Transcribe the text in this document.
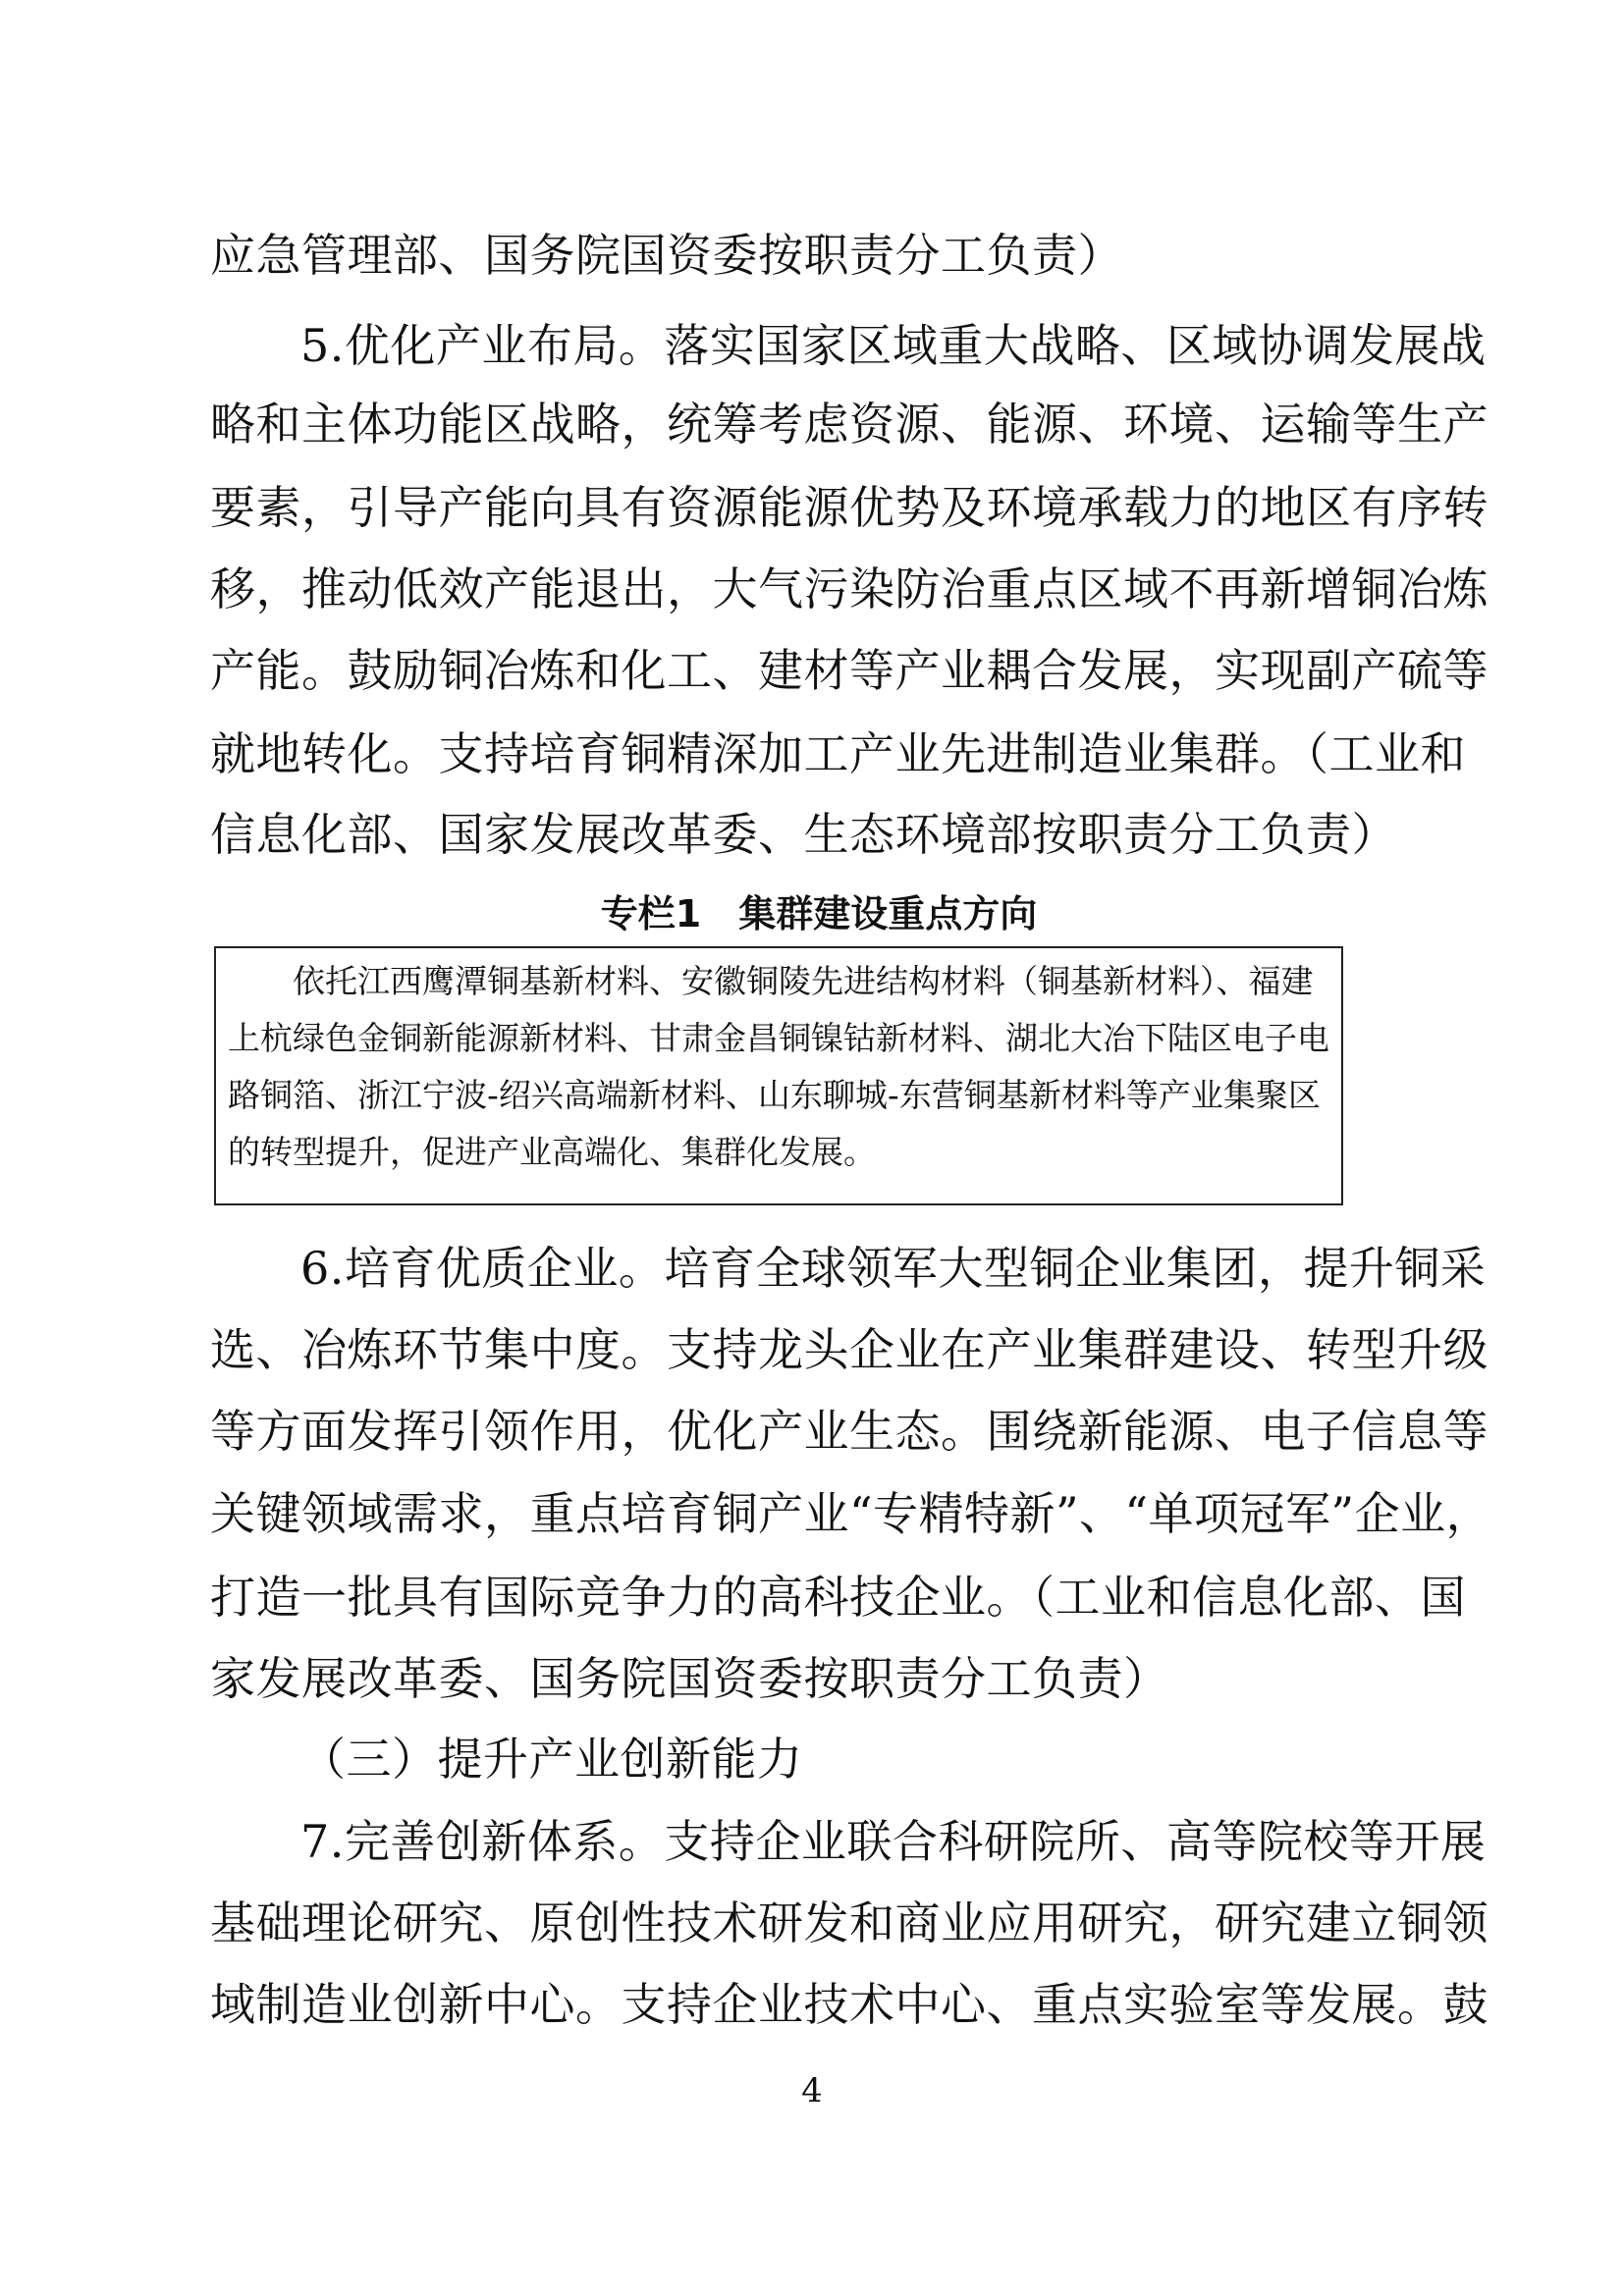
应急管理部、国务院国资委按职责分工负责）
5.优化产业布局。落实国家区域重大战略、区域协调发展战
略和主体功能区战略，统筹考虑资源、能源、环境、运输等生产
要素，引导产能向具有资源能源优势及环境承载力的地区有序转
移，推动低效产能退出，大气污染防治重点区域不再新增铜冶炼
产能。鼓励铜冶炼和化工、建材等产业耦合发展，实现副产硫等
就地转化。支持培育铜精深加工产业先进制造业集群。（工业和
信息化部、国家发展改革委、生态环境部按职责分工负责）
专栏1　集群建设重点方向
依托江西鹰潭铜基新材料、安徽铜陵先进结构材料（铜基新材料）、福建
上杭绿色金铜新能源新材料、甘肃金昌铜镍钴新材料、湖北大冶下陆区电子电
路铜箔、浙江宁波-绍兴高端新材料、山东聊城-东营铜基新材料等产业集聚区
的转型提升，促进产业高端化、集群化发展。
6.培育优质企业。培育全球领军大型铜企业集团，提升铜采
选、冶炼环节集中度。支持龙头企业在产业集群建设、转型升级
等方面发挥引领作用，优化产业生态。围绕新能源、电子信息等
关键领域需求，重点培育铜产业“专精特新”、“单项冠军”企业，
打造一批具有国际竞争力的高科技企业。（工业和信息化部、国
家发展改革委、国务院国资委按职责分工负责）
（三）提升产业创新能力
7.完善创新体系。支持企业联合科研院所、高等院校等开展
基础理论研究、原创性技术研发和商业应用研究，研究建立铜领
域制造业创新中心。支持企业技术中心、重点实验室等发展。鼓
4
